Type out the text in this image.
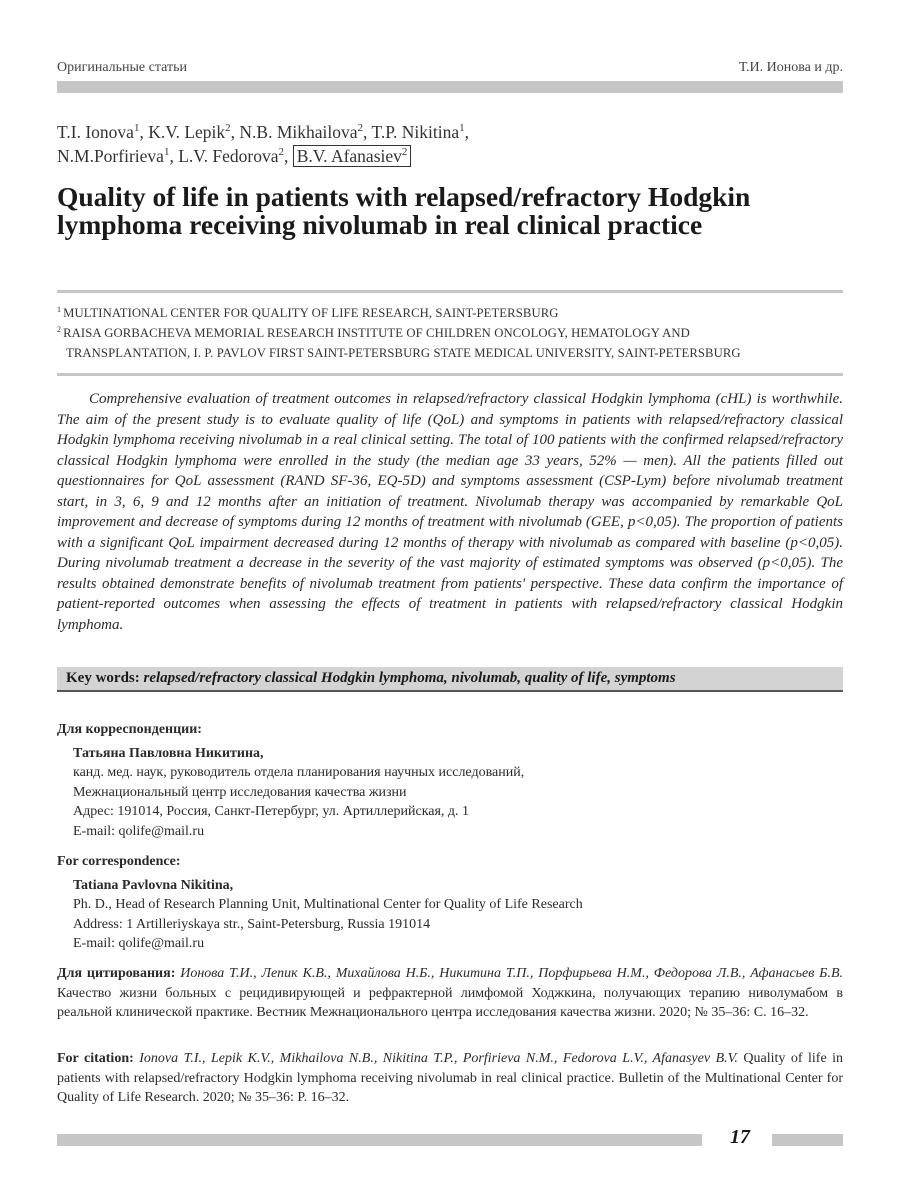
Оригинальные статьи	Т.И. Ионова и др.
T.I. Ionova$^1$, K.V. Lepik$^2$, N.B. Mikhailova$^2$, T.P. Nikitina$^1$,
N.M.Porfirieva$^1$, L.V. Fedorova$^2$, B.V. Afanasiev$^2$
Quality of life in patients with relapsed/refractory Hodgkin lymphoma receiving nivolumab in real clinical practice

$^1$ MULTINATIONAL CENTER FOR QUALITY OF LIFE RESEARCH, SAINT-PETERSBURG

$^2$ RAISA GORBACHEVA MEMORIAL RESEARCH INSTITUTE OF CHILDREN ONCOLOGY, HEMATOLOGY AND

TRANSPLANTATION, I. P. PAVLOV FIRST SAINT-PETERSBURG STATE MEDICAL UNIVERSITY, SAINT-PETERSBURG

Comprehensive evaluation of treatment outcomes in relapsed/refractory classical Hodgkin lymphoma (cHL) is worthwhile. The aim of the present study is to evaluate quality of life (QoL) and symptoms in patients with relapsed/refractory classical Hodgkin lymphoma receiving nivolumab in a real clinical setting. The total of 100 patients with the confirmed relapsed/refractory classical Hodgkin lymphoma were enrolled in the study (the median age 33 years, 52% — men). All the patients filled out questionnaires for QoL assessment (RAND SF-36, EQ-5D) and symptoms assessment (CSP-Lym) before nivolumab treatment start, in 3, 6, 9 and 12 months after an initiation of treatment. Nivolumab therapy was accompanied by remarkable QoL improvement and decrease of symptoms during 12 months of treatment with nivolumab (GEE, p<0,05). The proportion of patients with a significant QoL impairment decreased during 12 months of therapy with nivolumab as compared with baseline (p<0,05). During nivolumab treatment a decrease in the severity of the vast majority of estimated symptoms was observed (p<0,05). The results obtained demonstrate benefits of nivolumab treatment from patients' perspective. These data confirm the importance of patient-reported outcomes when assessing the effects of treatment in patients with relapsed/refractory classical Hodgkin lymphoma.

Key words: relapsed/refractory classical Hodgkin lymphoma, nivolumab, quality of life, symptoms
Для корреспонденции:

Татьяна Павловна Никитина,

канд. мед. наук, руководитель отдела планирования научных исследований,

Межнациональный центр исследования качества жизни

Адрес: 191014, Россия, Санкт-Петербург, ул. Артиллерийская, д. 1

E-mail: qolife@mail.ru

For correspondence:

Tatiana Pavlovna Nikitina,

Ph. D., Head of Research Planning Unit, Multinational Center for Quality of Life Research

Address: 1 Artilleriyskaya str., Saint-Petersburg, Russia 191014

E-mail: qolife@mail.ru

Для цитирования: Ионова Т.И., Лепик К.В., Михайлова Н.Б., Никитина Т.П., Порфирьева Н.М., Федорова Л.В., Афанасьев Б.В. Качество жизни больных с рецидивирующей и рефрактерной лимфомой Ходжкина, получающих терапию ниволумабом в реальной клинической практике. Вестник Межнационального центра исследования качества жизни. 2020; № 35–36: С. 16–32.

For citation: Ionova T.I., Lepik K.V., Mikhailova N.B., Nikitina T.P., Porfirieva N.M., Fedorova L.V., Afanasyev B.V. Quality of life in patients with relapsed/refractory Hodgkin lymphoma receiving nivolumab in real clinical practice. Bulletin of the Multinational Center for Quality of Life Research. 2020; № 35–36: P. 16–32.

17
